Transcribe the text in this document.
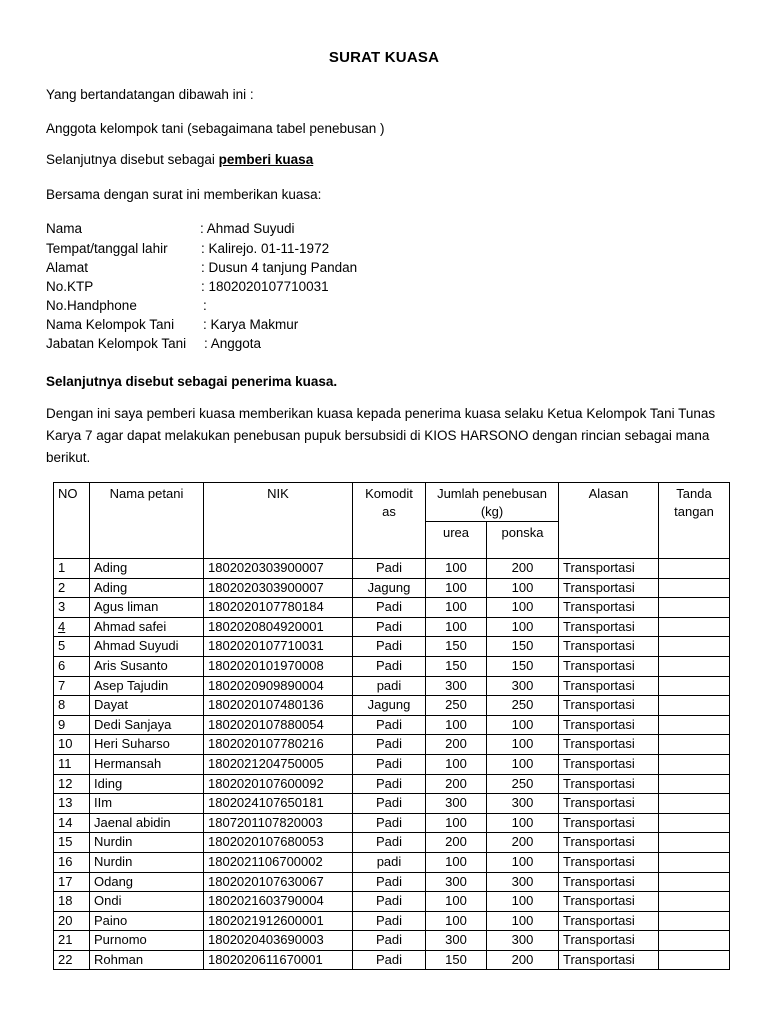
SURAT KUASA
Yang bertandatangan dibawah ini :
Anggota kelompok tani (sebagaimana tabel penebusan )
Selanjutnya disebut sebagai pemberi kuasa
Bersama dengan surat ini memberikan kuasa:
Nama	: Ahmad Suyudi
Tempat/tanggal lahir : Kalirejo. 01-11-1972
Alamat	: Dusun 4 tanjung Pandan
No.KTP	: 1802020107710031
No.Handphone	:
Nama Kelompok Tani : Karya Makmur
Jabatan Kelompok Tani : Anggota
Selanjutnya disebut sebagai penerima kuasa.
Dengan ini saya pemberi kuasa memberikan kuasa kepada penerima kuasa selaku Ketua Kelompok Tani Tunas Karya 7 agar dapat melakukan penebusan pupuk bersubsidi di KIOS HARSONO dengan rincian sebagai mana berikut.
NO	Nama petani	NIK	Komodit as	Jumlah penebusan (kg)		Alasan	Tanda tangan
				urea	ponska		
1	Ading	1802020303900007	Padi	100	200	Transportasi	
2	Ading	1802020303900007	Jagung	100	100	Transportasi	
3	Agus liman	1802020107780184	Padi	100	100	Transportasi	
4	Ahmad safei	1802020804920001	Padi	100	100	Transportasi	
5	Ahmad Suyudi	1802020107710031	Padi	150	150	Transportasi	
6	Aris Susanto	1802020101970008	Padi	150	150	Transportasi	
7	Asep Tajudin	1802020909890004	padi	300	300	Transportasi	
8	Dayat	1802020107480136	Jagung	250	250	Transportasi	
9	Dedi Sanjaya	1802020107880054	Padi	100	100	Transportasi	
10	Heri Suharso	1802020107780216	Padi	200	100	Transportasi	
11	Hermansah	1802021204750005	Padi	100	100	Transportasi	
12	Iding	1802020107600092	Padi	200	250	Transportasi	
13	IIm	1802024107650181	Padi	300	300	Transportasi	
14	Jaenal abidin	1807201107820003	Padi	100	100	Transportasi	
15	Nurdin	1802020107680053	Padi	200	200	Transportasi	
16	Nurdin	1802021106700002	padi	100	100	Transportasi	
17	Odang	1802020107630067	Padi	300	300	Transportasi	
18	Ondi	1802021603790004	Padi	100	100	Transportasi	
20	Paino	1802021912600001	Padi	100	100	Transportasi	
21	Purnomo	1802020403690003	Padi	300	300	Transportasi	
22	Rohman	1802020611670001	Padi	150	200	Transportasi	
